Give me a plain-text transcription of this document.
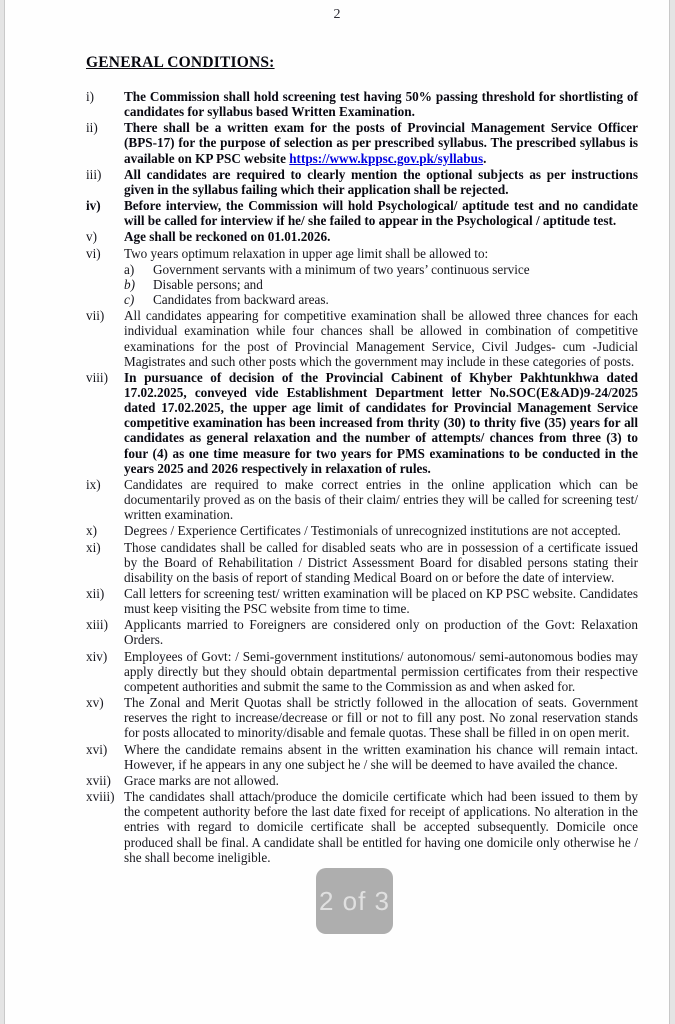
2
GENERAL CONDITIONS:
i)	The Commission shall hold screening test having 50% passing threshold for shortlisting of candidates for syllabus based Written Examination.
ii)	There shall be a written exam for the posts of Provincial Management Service Officer (BPS-17) for the purpose of selection as per prescribed syllabus. The prescribed syllabus is available on KP PSC website https://www.kppsc.gov.pk/syllabus.
iii)	All candidates are required to clearly mention the optional subjects as per instructions given in the syllabus failing which their application shall be rejected.
iv)	Before interview, the Commission will hold Psychological/ aptitude test and no candidate will be called for interview if he/ she failed to appear in the Psychological / aptitude test.
v)	Age shall be reckoned on 01.01.2026.
vi)	Two years optimum relaxation in upper age limit shall be allowed to:
a)	Government servants with a minimum of two years’ continuous service
b)	Disable persons; and
c)	Candidates from backward areas.
vii)	All candidates appearing for competitive examination shall be allowed three chances for each individual examination while four chances shall be allowed in combination of competitive examinations for the post of Provincial Management Service, Civil Judges- cum -Judicial Magistrates and such other posts which the government may include in these categories of posts.
viii)	In pursuance of decision of the Provincial Cabinent of Khyber Pakhtunkhwa dated 17.02.2025, conveyed vide Establishment Department letter No.SOC(E&AD)9-24/2025 dated 17.02.2025, the upper age limit of candidates for Provincial Management Service competitive examination has been increased from thrity (30) to thrity five (35) years for all candidates as general relaxation and the number of attempts/ chances from three (3) to four (4) as one time measure for two years for PMS examinations to be conducted in the years 2025 and 2026 respectively in relaxation of rules.
ix)	Candidates are required to make correct entries in the online application which can be documentarily proved as on the basis of their claim/ entries they will be called for screening test/ written examination.
x)	Degrees / Experience Certificates / Testimonials of unrecognized institutions are not accepted.
xi)	Those candidates shall be called for disabled seats who are in possession of a certificate issued by the Board of Rehabilitation / District Assessment Board for disabled persons stating their disability on the basis of report of standing Medical Board on or before the date of interview.
xii)	Call letters for screening test/ written examination will be placed on KP PSC website. Candidates must keep visiting the PSC website from time to time.
xiii)	Applicants married to Foreigners are considered only on production of the Govt: Relaxation Orders.
xiv)	Employees of Govt: / Semi-government institutions/ autonomous/ semi-autonomous bodies may apply directly but they should obtain departmental permission certificates from their respective competent authorities and submit the same to the Commission as and when asked for.
xv)	The Zonal and Merit Quotas shall be strictly followed in the allocation of seats. Government reserves the right to increase/decrease or fill or not to fill any post. No zonal reservation stands for posts allocated to minority/disable and female quotas. These shall be filled in on open merit.
xvi)	Where the candidate remains absent in the written examination his chance will remain intact. However, if he appears in any one subject he / she will be deemed to have availed the chance.
xvii) Grace marks are not allowed.
xviii) The candidates shall attach/produce the domicile certificate which had been issued to them by the competent authority before the last date fixed for receipt of applications. No alteration in the entries with regard to domicile certificate shall be accepted subsequently. Domicile once produced shall be final. A candidate shall be entitled for having one domicile only otherwise he / she shall become ineligible.
2 of 3
